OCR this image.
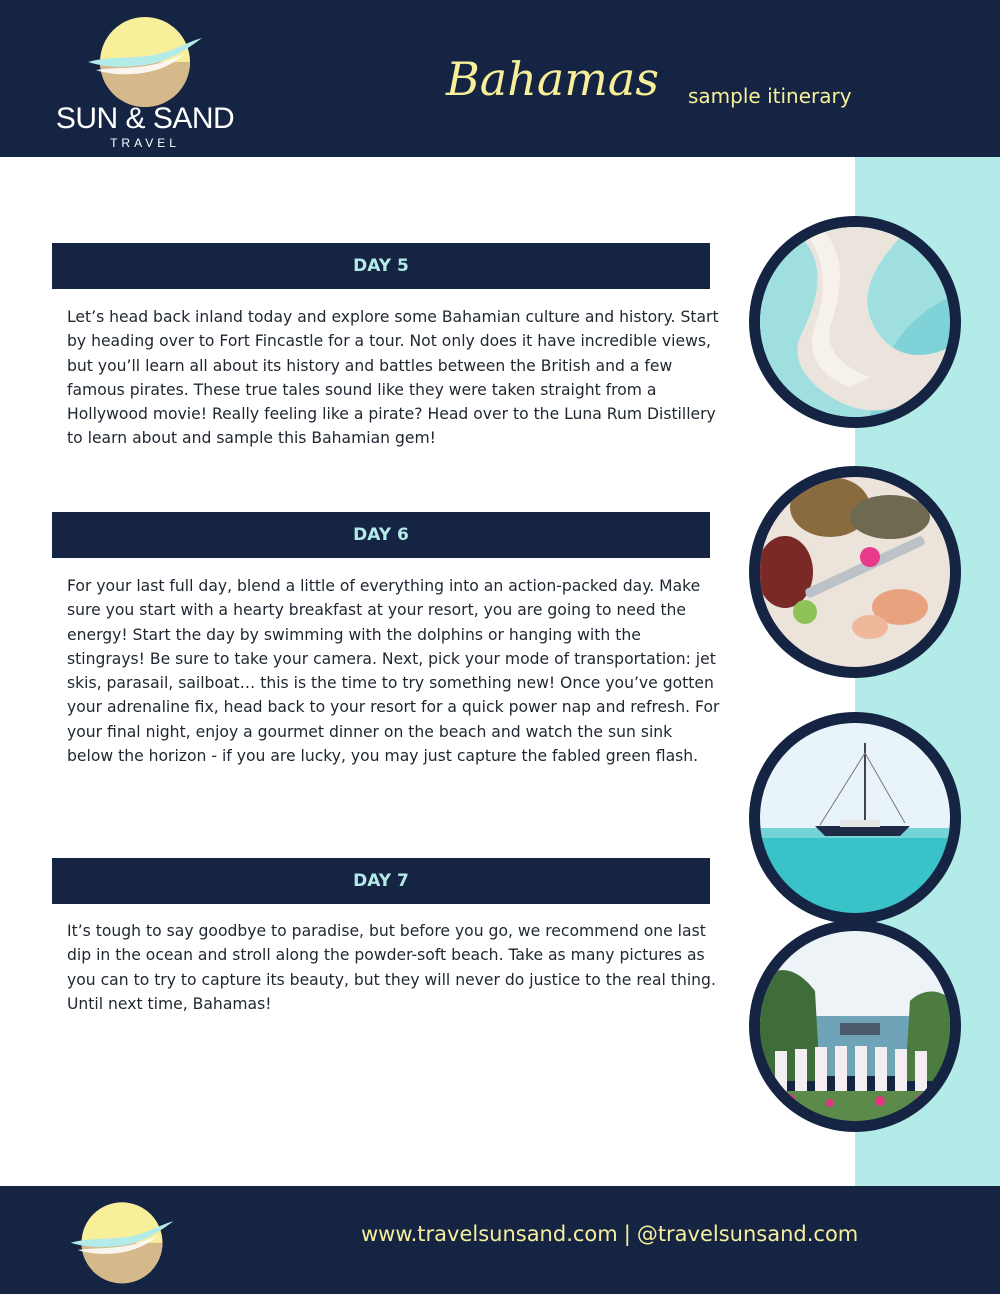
SUN & SAND
TRAVEL
Bahamas sample itinerary
DAY 5

Let’s head back inland today and explore some Bahamian culture and history. Start by heading over to Fort Fincastle for a tour. Not only does it have incredible views, but you’ll learn all about its history and battles between the British and a few famous pirates. These true tales sound like they were taken straight from a Hollywood movie! Really feeling like a pirate? Head over to the Luna Rum Distillery to learn about and sample this Bahamian gem!

DAY 6

For your last full day, blend a little of everything into an action-packed day. Make sure you start with a hearty breakfast at your resort, you are going to need the energy! Start the day by swimming with the dolphins or hanging with the stingrays! Be sure to take your camera. Next, pick your mode of transportation: jet skis, parasail, sailboat… this is the time to try something new! Once you’ve gotten your adrenaline fix, head back to your resort for a quick power nap and refresh. For your final night, enjoy a gourmet dinner on the beach and watch the sun sink below the horizon - if you are lucky, you may just capture the fabled green flash.

DAY 7

It’s tough to say goodbye to paradise, but before you go, we recommend one last dip in the ocean and stroll along the powder-soft beach. Take as many pictures as you can to try to capture its beauty, but they will never do justice to the real thing. Until next time, Bahamas!

www.travelsunsand.com | @travelsunsand.com
